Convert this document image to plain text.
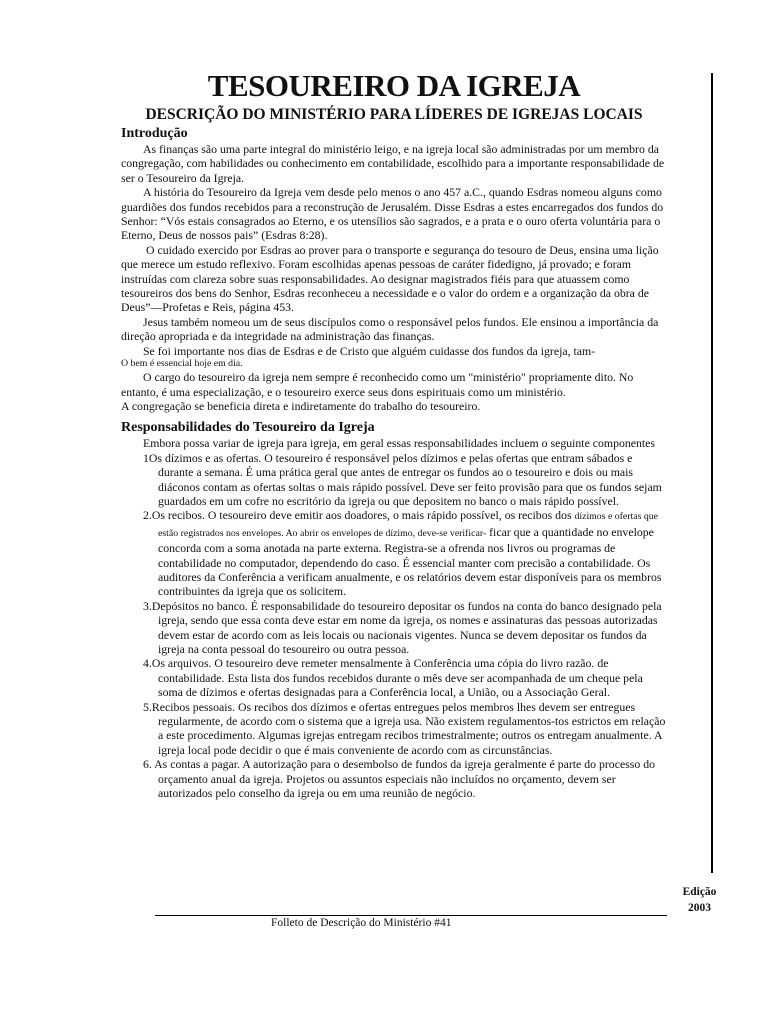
TESOUREIRO DA IGREJA
DESCRIÇÃO DO MINISTÉRIO PARA LÍDERES DE IGREJAS LOCAIS
Introdução

As finanças são uma parte integral do ministério leigo, e na igreja local são administradas por um membro da congregação, com habilidades ou conhecimento em contabilidade, escolhido para a importante responsabilidade de ser o Tesoureiro da Igreja.

A história do Tesoureiro da Igreja vem desde pelo menos o ano 457 a.C., quando Esdras nomeou alguns como guardiões dos fundos recebidos para a reconstrução de Jerusalém. Disse Esdras a estes encarregados dos fundos do Senhor: “Vós estais consagrados ao Eterno, e os utensílios são sagrados, e a prata e o ouro oferta voluntária para o Eterno, Deus de nossos pais” (Esdras 8:28).

O cuidado exercido por Esdras ao prover para o transporte e segurança do tesouro de Deus, ensina uma lição que merece um estudo reflexivo. Foram escolhidas apenas pessoas de caráter fidedigno, já provado; e foram instruídas com clareza sobre suas responsabilidades. Ao designar magistrados fiéis para que atuassem como tesoureiros dos bens do Senhor, Esdras reconheceu a necessidade e o valor do ordem e a organização da obra de Deus”—Profetas e Reis, página 453.

Jesus também nomeou um de seus discípulos como o responsável pelos fundos. Ele ensinou a importância da direção apropriada e da integridade na administração das finanças.

Se foi importante nos dias de Esdras e de Cristo que alguém cuidasse dos fundos da igreja, tam-

O bem é essencial hoje em dia.

O cargo do tesoureiro da igreja nem sempre é reconhecido como um "ministério" propriamente dito. No entanto, é uma especialização, e o tesoureiro exerce seus dons espirituais como um ministério.

A congregação se beneficia direta e indiretamente do trabalho do tesoureiro.

Responsabilidades do Tesoureiro da Igreja

Embora possa variar de igreja para igreja, em geral essas responsabilidades incluem o seguinte componentes

1Os dízimos e as ofertas. O tesoureiro é responsável pelos dízimos e pelas ofertas que entram sábados e durante a semana. É uma prática geral que antes de entregar os fundos ao o tesoureiro e dois ou mais diáconos contam as ofertas soltas o mais rápido possível. Deve ser feito provisão para que os fundos sejam guardados em um cofre no escritório da igreja ou que depositem no banco o mais rápido possível.

2.Os recibos. O tesoureiro deve emitir aos doadores, o mais rápido possível, os recibos dos dízimos e ofertas que estão registrados nos envelopes. Ao abrir os envelopes de dízimo, deve-se verificar- ficar que a quantidade no envelope concorda com a soma anotada na parte externa. Registra-se a ofrenda nos livros ou programas de contabilidade no computador, dependendo do caso. É essencial manter com precisão a contabilidade. Os auditores da Conferência a verificam anualmente, e os relatórios devem estar disponíveis para os membros contribuintes da igreja que os solicitem.

3.Depósitos no banco. É responsabilidade do tesoureiro depositar os fundos na conta do banco designado pela igreja, sendo que essa conta deve estar em nome da igreja, os nomes e assinaturas das pessoas autorizadas devem estar de acordo com as leis locais ou nacionais vigentes. Nunca se devem depositar os fundos da igreja na conta pessoal do tesoureiro ou outra pessoa.

4.Os arquivos. O tesoureiro deve remeter mensalmente à Conferência uma cópia do livro razão. de contabilidade. Esta lista dos fundos recebidos durante o mês deve ser acompanhada de um cheque pela soma de dízimos e ofertas designadas para a Conferência local, a União, ou a Associação Geral.

5.Recibos pessoais. Os recibos dos dízimos e ofertas entregues pelos membros lhes devem ser entregues regularmente, de acordo com o sistema que a igreja usa. Não existem regulamentos-tos estrictos em relação a este procedimento. Algumas igrejas entregam recibos trimestralmente; outros os entregam anualmente. A igreja local pode decidir o que é mais conveniente de acordo com as circunstâncias.

6. As contas a pagar. A autorização para o desembolso de fundos da igreja geralmente é parte do processo do orçamento anual da igreja. Projetos ou assuntos especiais não incluídos no orçamento, devem ser autorizados pelo conselho da igreja ou em uma reunião de negócio.

Edição
2003
Folleto de Descrição do Ministério #41
